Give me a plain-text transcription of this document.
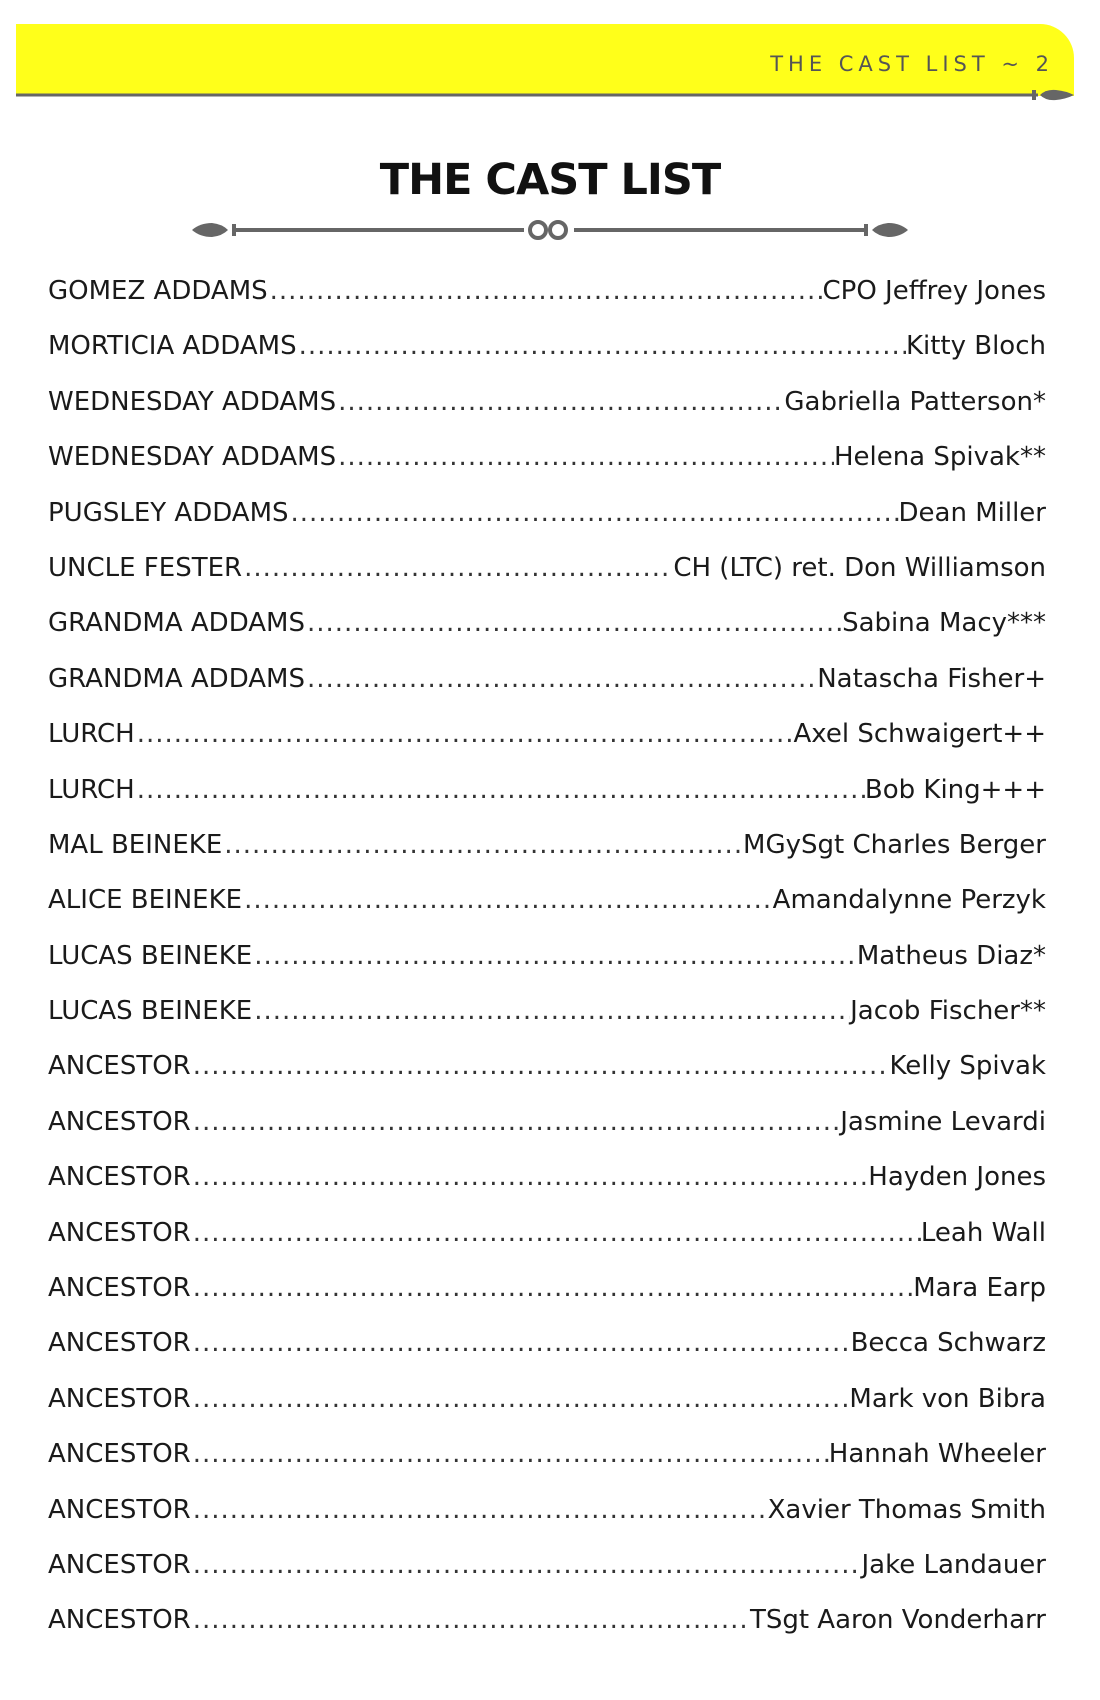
THE CAST LIST ~ 2
THE CAST LIST
GOMEZ ADDAMS .....	CPO Jeffrey Jones
MORTICIA ADDAMS .....	Kitty Bloch
WEDNESDAY ADDAMS .....	Gabriella Patterson*
WEDNESDAY ADDAMS .....	Helena Spivak**
PUGSLEY ADDAMS .....	Dean Miller
UNCLE FESTER .....	CH (LTC) ret. Don Williamson
GRANDMA ADDAMS .....	Sabina Macy***
GRANDMA ADDAMS .....	Natascha Fisher+
LURCH .....	Axel Schwaigert++
LURCH .....	Bob King+++
MAL BEINEKE .....	MGySgt Charles Berger
ALICE BEINEKE .....	Amandalynne Perzyk
LUCAS BEINEKE .....	Matheus Diaz*
LUCAS BEINEKE .....	Jacob Fischer**
ANCESTOR .....	Kelly Spivak
ANCESTOR .....	Jasmine Levardi
ANCESTOR .....	Hayden Jones
ANCESTOR .....	Leah Wall
ANCESTOR .....	Mara Earp
ANCESTOR .....	Becca Schwarz
ANCESTOR .....	Mark von Bibra
ANCESTOR .....	Hannah Wheeler
ANCESTOR .....	Xavier Thomas Smith
ANCESTOR .....	Jake Landauer
ANCESTOR .....	TSgt Aaron Vonderharr
